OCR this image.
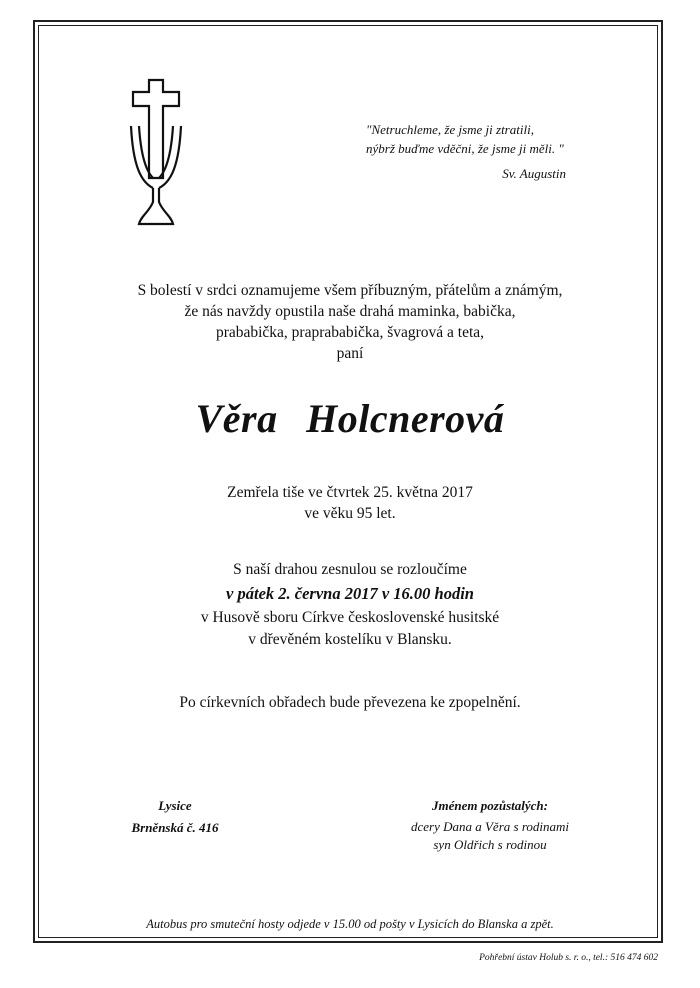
"Netruchleme, že jsme ji ztratili,
nýbrž buďme vděčni, že jsme ji měli. "
Sv. Augustin
S bolestí v srdci oznamujeme všem příbuzným, přátelům a známým,
že nás navždy opustila naše drahá maminka, babička,
prababička, praprababička, švagrová a teta,
paní
Věra Holcnerová
Zemřela tiše ve čtvrtek 25. května 2017
ve věku 95 let.
S naší drahou zesnulou se rozloučíme
v pátek 2. června 2017 v 16.00 hodin
v Husově sboru Církve československé husitské
v dřevěném kostelíku v Blansku.
Po církevních obřadech bude převezena ke zpopelnění.
Lysice
Brněnská č. 416
Jménem pozůstalých:
dcery Dana a Věra s rodinami
syn Oldřich s rodinou
Autobus pro smuteční hosty odjede v 15.00 od pošty v Lysicích do Blanska a zpět.
Pohřební ústav Holub s. r. o., tel.: 516 474 602
